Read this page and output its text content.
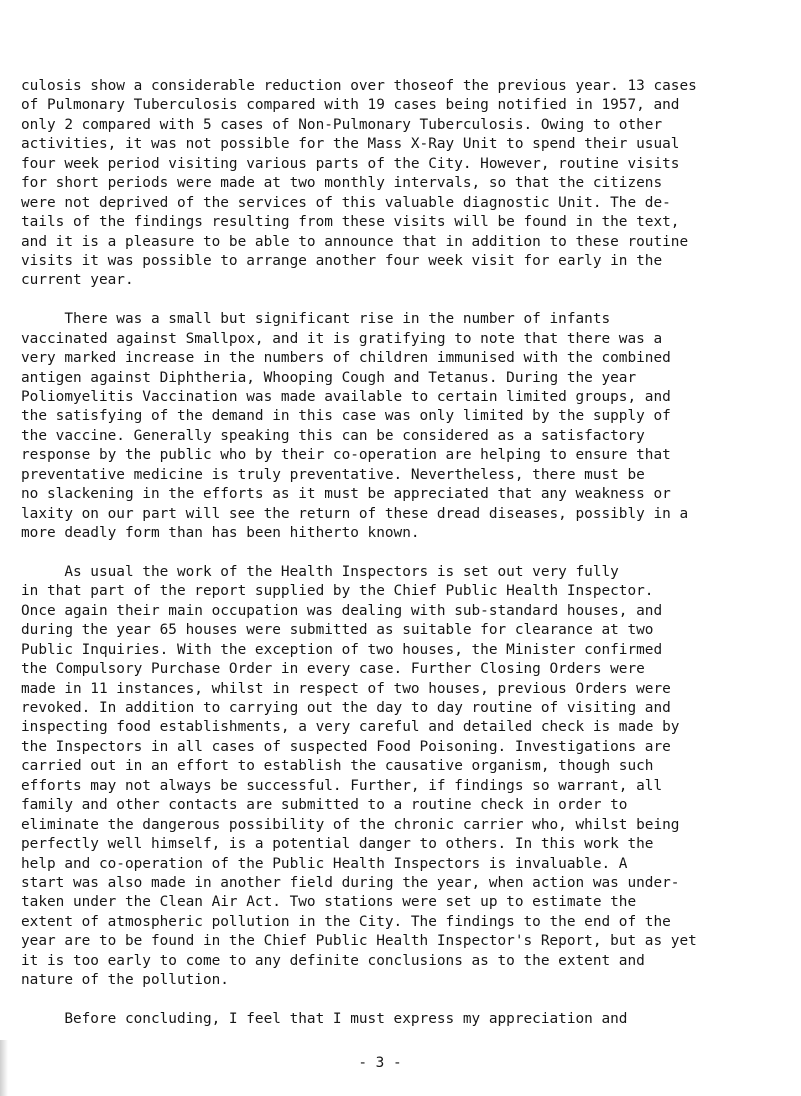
culosis show a considerable reduction over thoseof the previous year. 13 cases
of Pulmonary Tuberculosis compared with 19 cases being notified in 1957, and
only 2 compared with 5 cases of Non-Pulmonary Tuberculosis. Owing to other
activities, it was not possible for the Mass X-Ray Unit to spend their usual
four week period visiting various parts of the City. However, routine visits
for short periods were made at two monthly intervals, so that the citizens
were not deprived of the services of this valuable diagnostic Unit. The de-
tails of the findings resulting from these visits will be found in the text,
and it is a pleasure to be able to announce that in addition to these routine
visits it was possible to arrange another four week visit for early in the
current year.
There was a small but significant rise in the number of infants
vaccinated against Smallpox, and it is gratifying to note that there was a
very marked increase in the numbers of children immunised with the combined
antigen against Diphtheria, Whooping Cough and Tetanus. During the year
Poliomyelitis Vaccination was made available to certain limited groups, and
the satisfying of the demand in this case was only limited by the supply of
the vaccine. Generally speaking this can be considered as a satisfactory
response by the public who by their co-operation are helping to ensure that
preventative medicine is truly preventative. Nevertheless, there must be
no slackening in the efforts as it must be appreciated that any weakness or
laxity on our part will see the return of these dread diseases, possibly in a
more deadly form than has been hitherto known.
As usual the work of the Health Inspectors is set out very fully
in that part of the report supplied by the Chief Public Health Inspector.
Once again their main occupation was dealing with sub-standard houses, and
during the year 65 houses were submitted as suitable for clearance at two
Public Inquiries. With the exception of two houses, the Minister confirmed
the Compulsory Purchase Order in every case. Further Closing Orders were
made in 11 instances, whilst in respect of two houses, previous Orders were
revoked. In addition to carrying out the day to day routine of visiting and
inspecting food establishments, a very careful and detailed check is made by
the Inspectors in all cases of suspected Food Poisoning. Investigations are
carried out in an effort to establish the causative organism, though such
efforts may not always be successful. Further, if findings so warrant, all
family and other contacts are submitted to a routine check in order to
eliminate the dangerous possibility of the chronic carrier who, whilst being
perfectly well himself, is a potential danger to others. In this work the
help and co-operation of the Public Health Inspectors is invaluable. A
start was also made in another field during the year, when action was under-
taken under the Clean Air Act. Two stations were set up to estimate the
extent of atmospheric pollution in the City. The findings to the end of the
year are to be found in the Chief Public Health Inspector's Report, but as yet
it is too early to come to any definite conclusions as to the extent and
nature of the pollution.
Before concluding, I feel that I must express my appreciation and
- 3 -
